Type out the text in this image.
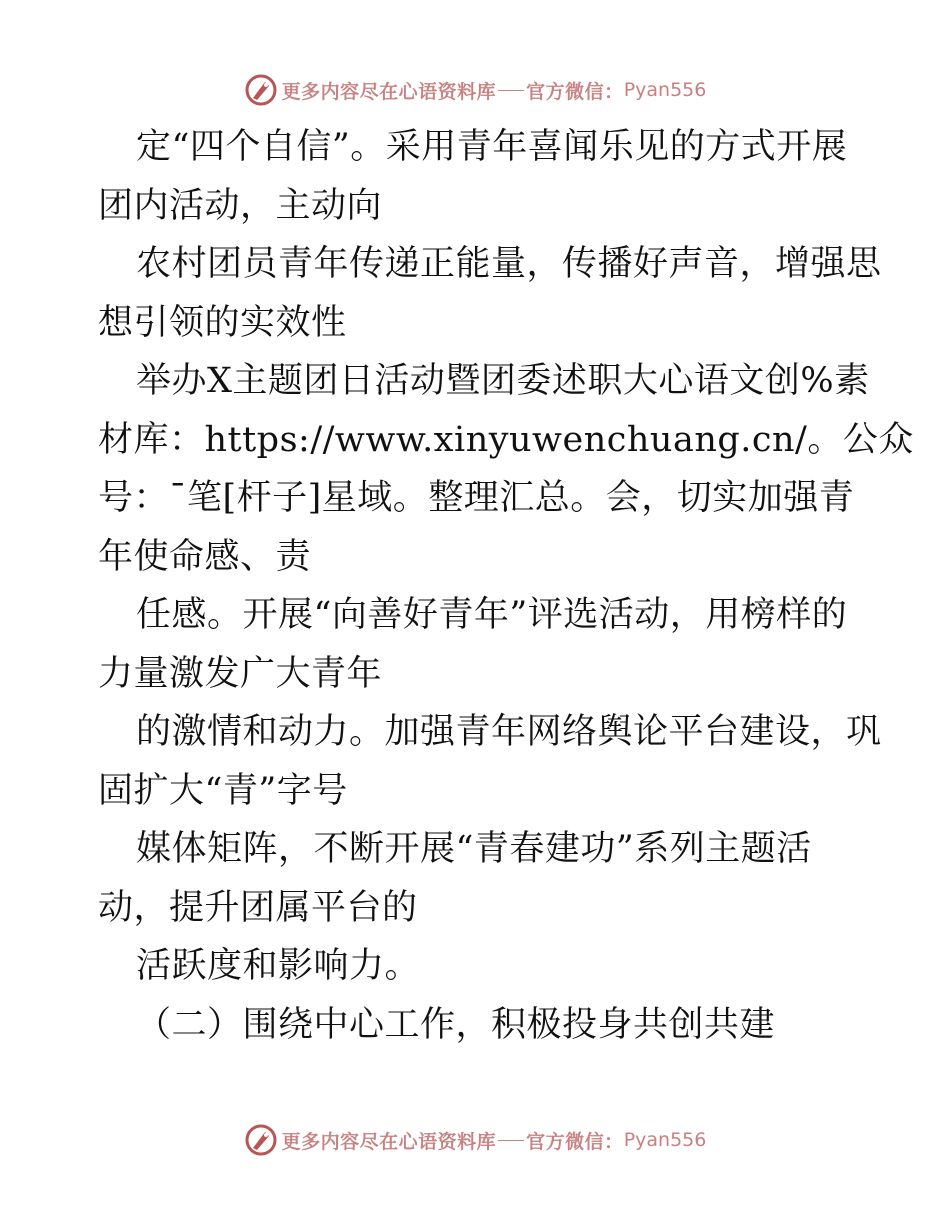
更多内容尽在心语资料库 官方微信： Pyan556
定“四个自信”。采用青年喜闻乐见的方式开展
团内活动，主动向
农村团员青年传递正能量，传播好声音，增强思
想引领的实效性
举办X主题团日活动暨团委述职大心语文创%素
材库：https://www.xinyuwenchuang.cn/。公众
号：¯笔[杆子]星域。整理汇总。会，切实加强青
年使命感、责
任感。开展“向善好青年”评选活动，用榜样的
力量激发广大青年
的激情和动力。加强青年网络舆论平台建设，巩
固扩大“青”字号
媒体矩阵，不断开展“青春建功”系列主题活
动，提升团属平台的
活跃度和影响力。
（二）围绕中心工作，积极投身共创共建
更多内容尽在心语资料库 官方微信： Pyan556
